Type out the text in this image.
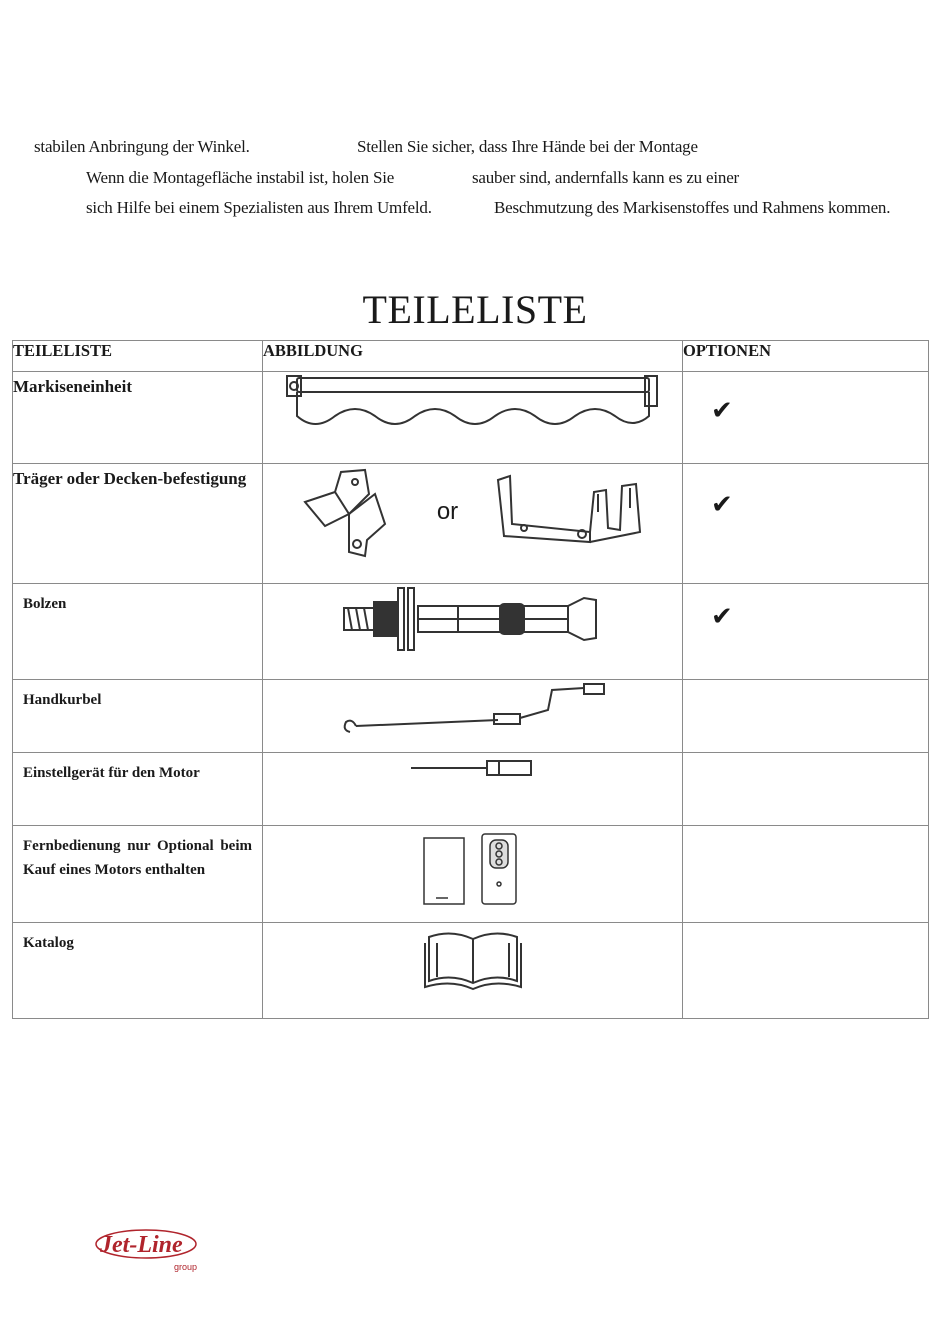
stabilen Anbringung der Winkel.
Wenn die Montagefläche instabil ist, holen Sie
sich Hilfe bei einem Spezialisten aus Ihrem Umfeld.
Stellen Sie sicher, dass Ihre Hände bei der Montage
sauber sind, andernfalls kann es zu einer
Beschmutzung des Markisenstoffes und Rahmens kommen.
TEILELISTE
TEILELISTE	ABBILDUNG	OPTIONEN
Markiseneinheit		✔

Träger oder Decken-befestigung	or	✔

Bolzen		✔

Handkurbel		

Einstellgerät für den Motor		

Fernbedienung nur Optional beim Kauf eines Motors enthalten		

Katalog		
Jet-Line
group
